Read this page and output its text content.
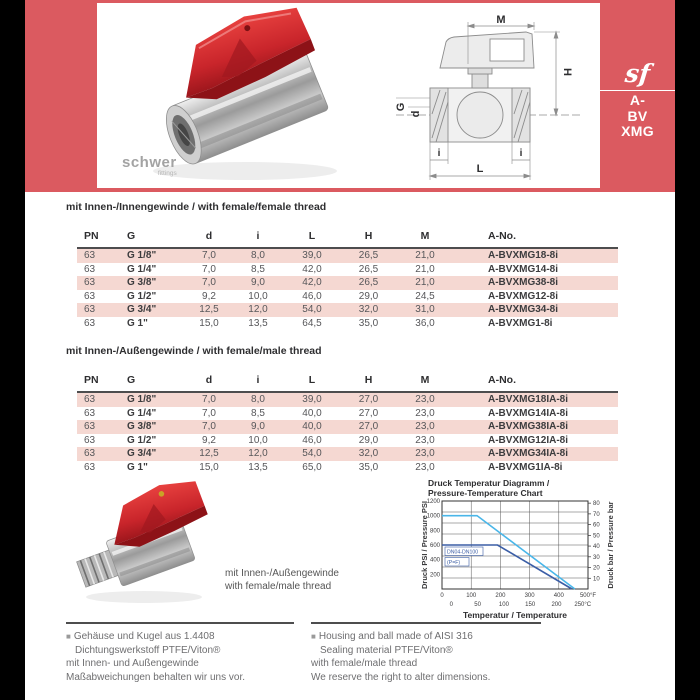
schwer
fittings
M
H
G
d
i	i
L
sf
A-
BV
XMG
mit Innen-/Innengewinde / with female/female thread
PN	G	d	i	L	H	M	A-No.
63	G 1/8"	7,0	8,0	39,0	26,5	21,0	A-BVXMG18-8i
63	G 1/4"	7,0	8,5	42,0	26,5	21,0	A-BVXMG14-8i
63	G 3/8"	7,0	9,0	42,0	26,5	21,0	A-BVXMG38-8i
63	G 1/2"	9,2	10,0	46,0	29,0	24,5	A-BVXMG12-8i
63	G 3/4"	12,5	12,0	54,0	32,0	31,0	A-BVXMG34-8i
63	G 1"	15,0	13,5	64,5	35,0	36,0	A-BVXMG1-8i
mit Innen-/Außengewinde / with female/male thread
PN	G	d	i	L	H	M	A-No.
63	G 1/8"	7,0	8,0	39,0	27,0	23,0	A-BVXMG18IA-8i
63	G 1/4"	7,0	8,5	40,0	27,0	23,0	A-BVXMG14IA-8i
63	G 3/8"	7,0	9,0	40,0	27,0	23,0	A-BVXMG38IA-8i
63	G 1/2"	9,2	10,0	46,0	29,0	23,0	A-BVXMG12IA-8i
63	G 3/4"	12,5	12,0	54,0	32,0	23,0	A-BVXMG34IA-8i
63	G 1"	15,0	13,5	65,0	35,0	23,0	A-BVXMG1IA-8i
mit Innen-/Außengewinde
with female/male thread
Druck Temperatur Diagramm /
Pressure-Temperature Chart
Druck PSI / Pressure PSI	Druck bar / Pressure bar
Temperatur / Temperature
1200
1000
800
600
400
200
80
70
60
50
40
30
20
10
0	100	200	300	400	500°F
0	50	100	150	200 250°C
DN04-DN100
(P=F)
■ Gehäuse und Kugel aus 1.4408
Dichtungswerkstoff PTFE/Viton®
mit Innen- und Außengewinde
Maßabweichungen behalten wir uns vor.
■ Housing and ball made of AISI 316
Sealing material PTFE/Viton®
with female/male thread
We reserve the right to alter dimensions.
